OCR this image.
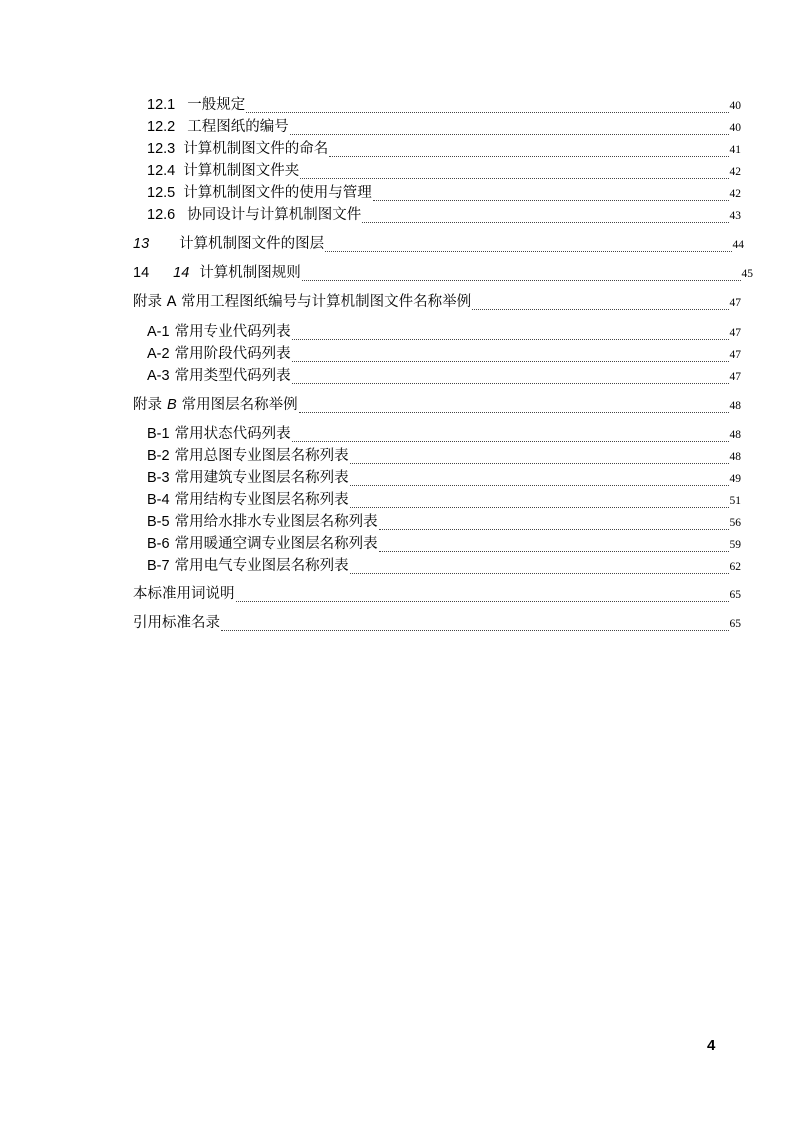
12.1 一般规定	40
12.2 工程图纸的编号	40
12.3 计算机制图文件的命名	41
12.4 计算机制图文件夹	42
12.5 计算机制图文件的使用与管理	42
12.6 协同设计与计算机制图文件	43
13 计算机制图文件的图层	44
14 14 计算机制图规则	45
附录 A 常用工程图纸编号与计算机制图文件名称举例	47
A-1 常用专业代码列表	47
A-2 常用阶段代码列表	47
A-3 常用类型代码列表	47
附录 B 常用图层名称举例	48
B-1 常用状态代码列表	48
B-2 常用总图专业图层名称列表	48
B-3 常用建筑专业图层名称列表	49
B-4 常用结构专业图层名称列表	51
B-5 常用给水排水专业图层名称列表	56
B-6 常用暖通空调专业图层名称列表	59
B-7 常用电气专业图层名称列表	62
本标准用词说明	65
引用标准名录	65
4
